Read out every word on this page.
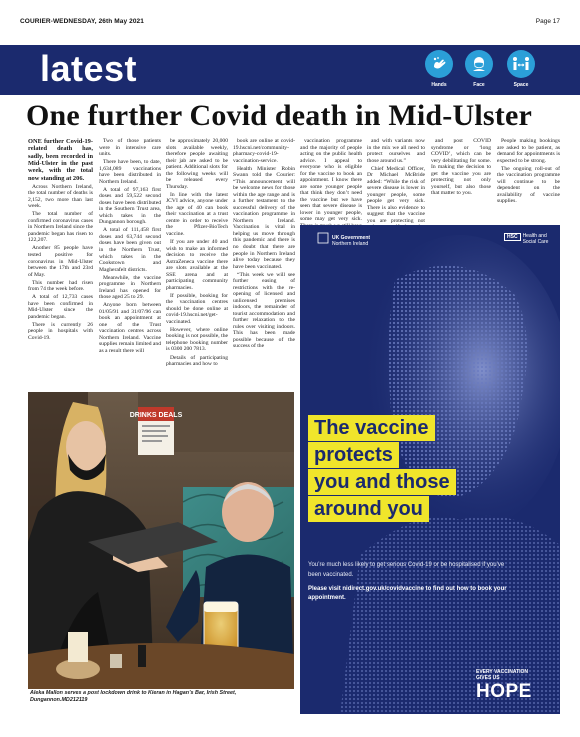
COURIER-WEDNESDAY, 26th May 2021	Page 17
latest	Hands	Face	Space
One further Covid death in Mid-Ulster

ONE further Covid-19-related death has, sadly, been recorded in Mid-Ulster in the past week, with the total now standing at 206.

Across Northern Ireland, the total number of deaths is 2,152, two more than last week.

The total number of confirmed coronavirus cases in Northern Ireland since the pandemic began has risen to 122,207.

Another 85 people have tested positive for coronavirus in Mid-Ulster between the 17th and 23rd of May.

This number had risen from 74 the week before.

A total of 12,733 cases have been confirmed in Mid-Ulster since the pandemic began.

There is currently 26 people in hospitals with Covid-19.

Two of those patients were in intensive care units.

There have been, to date, 1,634,089 vaccinations have been distributed in Northern Ireland.

A total of 97,163 first doses and 59,522 second doses have been distributed in the Southern Trust area, which takes in the Dungannon borough.

A total of 111,458 first doses and 63,744 second doses have been given out in the Northern Trust, which takes in the Cookstown and Magherafelt districts.

Meanwhile, the vaccine programme in Northern Ireland has opened for those aged 25 to 29.

Anyone born between 01/05/91 and 31/07/96 can book an appointment at one of the Trust vaccination centres across Northern Ireland. Vaccine supplies remain limited and as a result there will

be approximately 20,000 slots available weekly, therefore people awaiting their jab are asked to be patient. Additional slots for the following weeks will be released every Thursday.

In line with the latest JCVI advice, anyone under the age of 40 can book their vaccination at a trust centre in order to receive the Pfizer-BioTech vaccine.

If you are under 40 and wish to make an informed decision to receive the AstraZeneca vaccine there are slots available at the SSE arena and at participating community pharmacies.

If possible, booking for the vaccination centres should be done online at covid-19.hscni.net/get-vaccinated.

However, where online booking is not possible, the telephone booking number is 0300 200 7813.

Details of participating pharmacies and how to

book are online at covid-19.hscni.net/community-pharmacy-covid-19-vaccination-service.

Health Minister Robin Swann told the Courier: “This announcement will be welcome news for those within the age range and is a further testament to the successful delivery of the vaccination programme in Northern Ireland. Vaccination is vital in helping us move through this pandemic and there is no doubt that there are people in Northern Ireland alive today because they have been vaccinated.

“This week we will see further easing of restrictions with the re-opening of licensed and unlicensed premises indoors, the remainder of tourist accommodation and further relaxation to the rules over visiting indoors. This has been made possible because of the success of the

vaccination programme and the majority of people acting on the public health advice. I appeal to everyone who is eligible for the vaccine to book an appointment. I know there are some younger people that think they don’t need the vaccine but we have seen that severe disease is lower in younger people, some may get very sick.

and with variants now in the mix we all need to protect ourselves and those around us.”

Chief Medical Officer, Dr Michael McBride added: “While the risk of severe disease is lower in younger people, some people get very sick. There is also evidence to suggest that the vaccine you are protecting not

and post COVID syndrome or ‘long COVID’, which can be very debilitating for some. In making the decision to get the vaccine you are protecting not only yourself, but also those that matter to you.

People making bookings are asked to be patient, as demand for appointments is expected to be strong.

The ongoing roll-out of the vaccination programme will continue to be dependent on the availability of vaccine supplies.

DRINKS DEALS
Aleka Mallon serves a post lockdown drink to Kieran in Hagan’s Bar, Irish Street, Dungannon.MD212119
UK Government
Northern Ireland
HSC Health and
Social Care
The vaccine
protects
you and those
around you
You’re much less likely to get serious Covid-19 or be hospitalised if you’ve been vaccinated.
Please visit nidirect.gov.uk/covidvaccine to find out how to book your appointment.
EVERY VACCINATION
GIVES US
HOPE
